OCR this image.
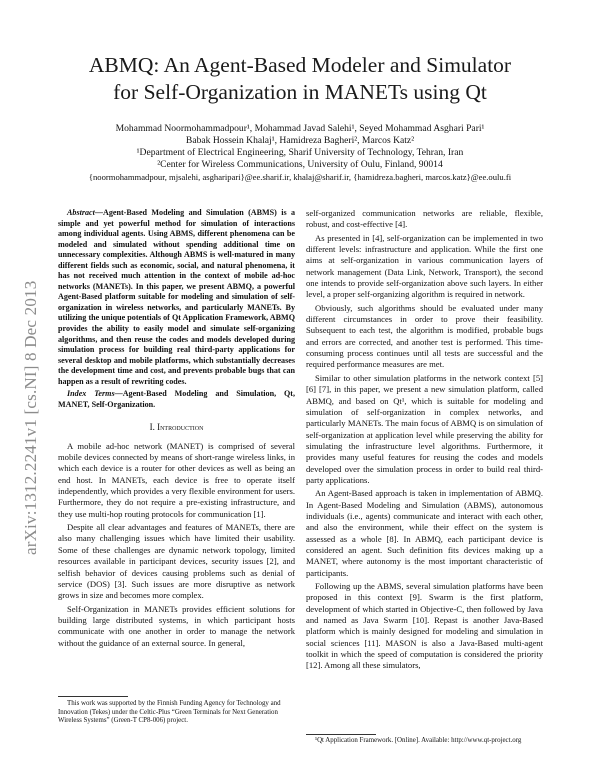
ABMQ: An Agent-Based Modeler and Simulator
for Self-Organization in MANETs using Qt
Mohammad Noormohammadpour¹, Mohammad Javad Salehi¹, Seyed Mohammad Asghari Pari¹
Babak Hossein Khalaj¹, Hamidreza Bagheri², Marcos Katz²
¹Department of Electrical Engineering, Sharif University of Technology, Tehran, Iran
²Center for Wireless Communications, University of Oulu, Finland, 90014
{noormohammadpour, mjsalehi, asgharipari}@ee.sharif.ir, khalaj@sharif.ir, {hamidreza.bagheri, marcos.katz}@ee.oulu.fi
arXiv:1312.2241v1 [cs.NI] 8 Dec 2013

Abstract—Agent-Based Modeling and Simulation (ABMS) is a simple and yet powerful method for simulation of interactions among individual agents. Using ABMS, different phenomena can be modeled and simulated without spending additional time on unnecessary complexities. Although ABMS is well-matured in many different fields such as economic, social, and natural phenomena, it has not received much attention in the context of mobile ad-hoc networks (MANETs). In this paper, we present ABMQ, a powerful Agent-Based platform suitable for modeling and simulation of self-organization in wireless networks, and particularly MANETs. By utilizing the unique potentials of Qt Application Framework, ABMQ provides the ability to easily model and simulate self-organizing algorithms, and then reuse the codes and models developed during simulation process for building real third-party applications for several desktop and mobile platforms, which substantially decreases the development time and cost, and prevents probable bugs that can happen as a result of rewriting codes.

Index Terms—Agent-Based Modeling and Simulation, Qt, MANET, Self-Organization.

I. Introduction

A mobile ad-hoc network (MANET) is comprised of several mobile devices connected by means of short-range wireless links, in which each device is a router for other devices as well as being an end host. In MANETs, each device is free to operate itself independently, which provides a very flexible environment for users. Furthermore, they do not require a pre-existing infrastructure, and they use multi-hop routing protocols for communication [1].

Despite all clear advantages and features of MANETs, there are also many challenging issues which have limited their usability. Some of these challenges are dynamic network topology, limited resources available in participant devices, security issues [2], and selfish behavior of devices causing problems such as denial of service (DOS) [3]. Such issues are more disruptive as network grows in size and becomes more complex.

Self-Organization in MANETs provides efficient solutions for building large distributed systems, in which participant hosts communicate with one another in order to manage the network without the guidance of an external source. In general,

This work was supported by the Finnish Funding Agency for Technology and Innovation (Tekes) under the Celtic-Plus “Green Terminals for Next Generation Wireless Systems” (Green-T CP8-006) project.

self-organized communication networks are reliable, flexible, robust, and cost-effective [4].

As presented in [4], self-organization can be implemented in two different levels: infrastructure and application. While the first one aims at self-organization in various communication layers of network management (Data Link, Network, Transport), the second one intends to provide self-organization above such layers. In either level, a proper self-organizing algorithm is required in network.

Obviously, such algorithms should be evaluated under many different circumstances in order to prove their feasibility. Subsequent to each test, the algorithm is modified, probable bugs and errors are corrected, and another test is performed. This time-consuming process continues until all tests are successful and the required performance measures are met.

Similar to other simulation platforms in the network context [5] [6] [7], in this paper, we present a new simulation platform, called ABMQ, and based on Qt¹, which is suitable for modeling and simulation of self-organization in complex networks, and particularly MANETs. The main focus of ABMQ is on simulation of self-organization at application level while preserving the ability for simulating the infrastructure level algorithms. Furthermore, it provides many useful features for reusing the codes and models developed over the simulation process in order to build real third-party applications.

An Agent-Based approach is taken in implementation of ABMQ. In Agent-Based Modeling and Simulation (ABMS), autonomous individuals (i.e., agents) communicate and interact with each other, and also the environment, while their effect on the system is assessed as a whole [8]. In ABMQ, each participant device is considered an agent. Such definition fits devices making up a MANET, where autonomy is the most important characteristic of participants.

Following up the ABMS, several simulation platforms have been proposed in this context [9]. Swarm is the first platform, development of which started in Objective-C, then followed by Java and named as Java Swarm [10]. Repast is another Java-Based platform which is mainly designed for modeling and simulation in social sciences [11]. MASON is also a Java-Based multi-agent toolkit in which the speed of computation is considered the priority [12]. Among all these simulators,

¹Qt Application Framework. [Online]. Available: http://www.qt-project.org
